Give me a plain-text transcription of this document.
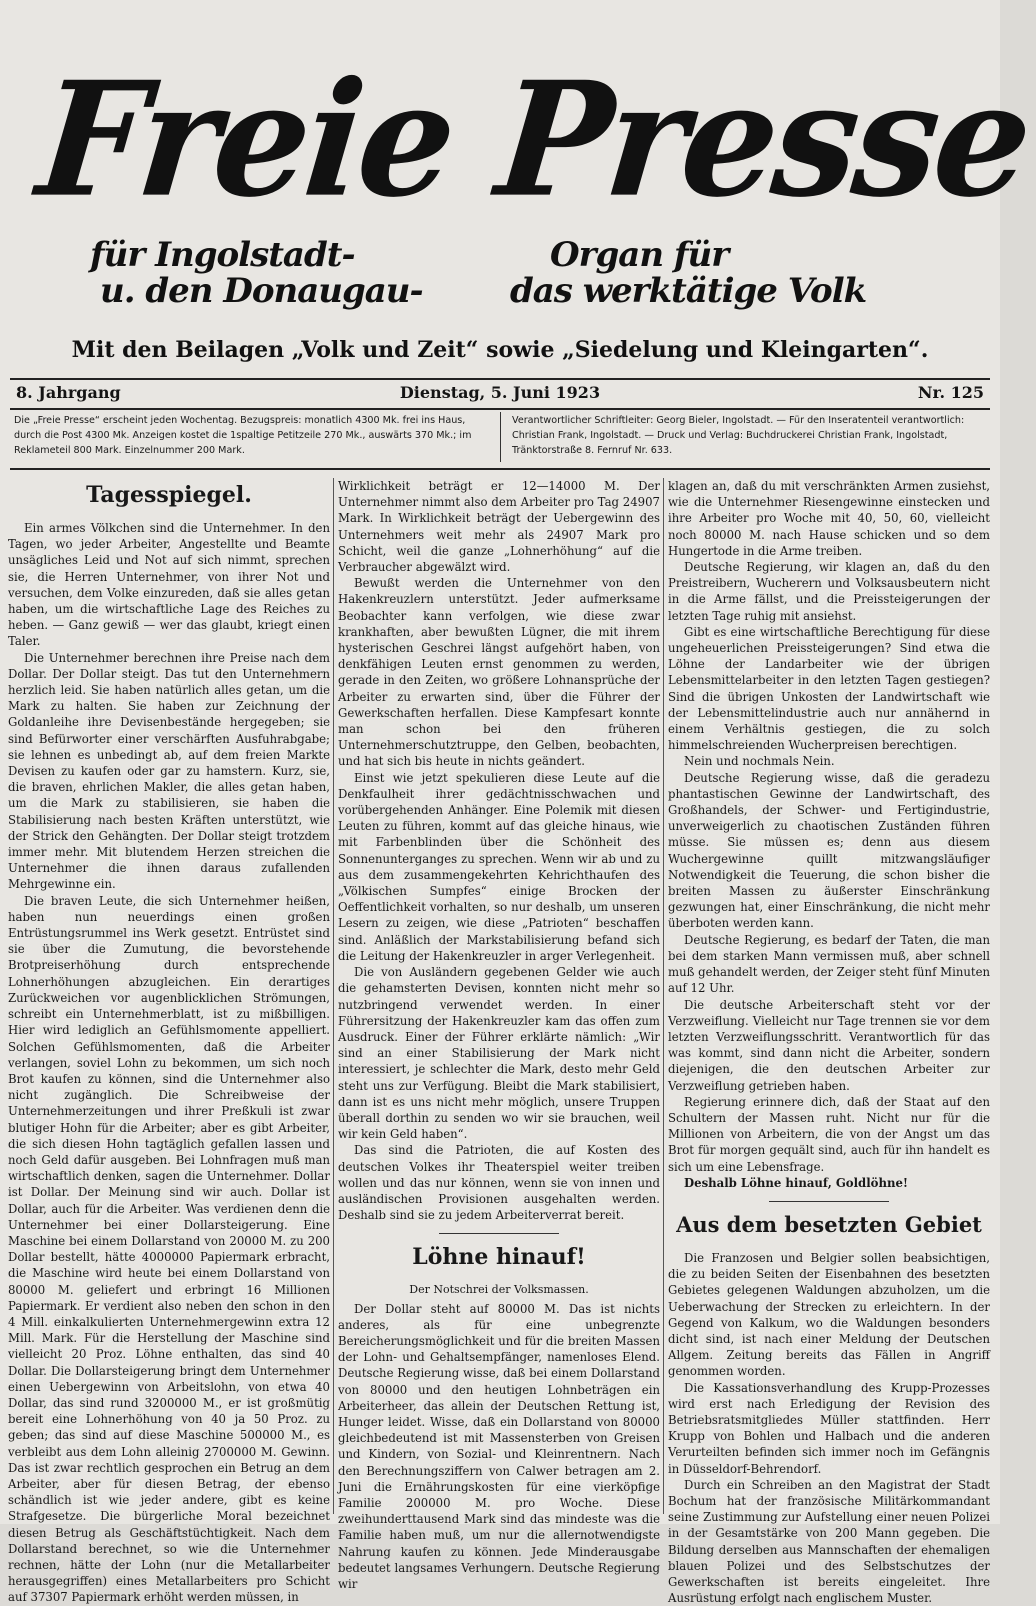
Freie Presse
für Ingolstadt-
u. den Donaugau-
Organ für
das werktätige Volk
Mit den Beilagen „Volk und Zeit“ sowie „Siedelung und Kleingarten“.
8. Jahrgang	Dienstag, 5. Juni 1923	Nr. 125
Die „Freie Presse“ erscheint jeden Wochentag. Bezugspreis: monatlich 4300 Mk. frei ins Haus, durch die Post 4300 Mk. Anzeigen kostet die 1spaltige Petitzeile 270 Mk., auswärts 370 Mk.; im Reklameteil 800 Mark. Einzelnummer 200 Mark.
Verantwortlicher Schriftleiter: Georg Bieler, Ingolstadt. — Für den Inseratenteil verantwortlich: Christian Frank, Ingolstadt. — Druck und Verlag: Buchdruckerei Christian Frank, Ingolstadt, Tränktorstraße 8. Fernruf Nr. 633.
Tagesspiegel.

Ein armes Völkchen sind die Unternehmer. In den Tagen, wo jeder Arbeiter, Angestellte und Beamte unsägliches Leid und Not auf sich nimmt, sprechen sie, die Herren Unternehmer, von ihrer Not und versuchen, dem Volke einzureden, daß sie alles getan haben, um die wirtschaftliche Lage des Reiches zu heben. — Ganz gewiß — wer das glaubt, kriegt einen Taler.

Die Unternehmer berechnen ihre Preise nach dem Dollar. Der Dollar steigt. Das tut den Unternehmern herzlich leid. Sie haben natürlich alles getan, um die Mark zu halten. Sie haben zur Zeichnung der Goldanleihe ihre Devisenbestände hergegeben; sie sind Befürworter einer verschärften Ausfuhrabgabe; sie lehnen es unbedingt ab, auf dem freien Markte Devisen zu kaufen oder gar zu hamstern. Kurz, sie, die braven, ehrlichen Makler, die alles getan haben, um die Mark zu stabilisieren, sie haben die Stabilisierung nach besten Kräften unterstützt, wie der Strick den Gehängten. Der Dollar steigt trotzdem immer mehr. Mit blutendem Herzen streichen die Unternehmer die ihnen daraus zufallenden Mehrgewinne ein.

Die braven Leute, die sich Unternehmer heißen, haben nun neuerdings einen großen Entrüstungsrummel ins Werk gesetzt. Entrüstet sind sie über die Zumutung, die bevorstehende Brotpreiserhöhung durch entsprechende Lohnerhöhungen abzugleichen. Ein derartiges Zurückweichen vor augenblicklichen Strömungen, schreibt ein Unternehmerblatt, ist zu mißbilligen. Hier wird lediglich an Gefühlsmomente appelliert. Solchen Gefühlsmomenten, daß die Arbeiter verlangen, soviel Lohn zu bekommen, um sich noch Brot kaufen zu können, sind die Unternehmer also nicht zugänglich. Die Schreibweise der Unternehmerzeitungen und ihrer Preßkuli ist zwar blutiger Hohn für die Arbeiter; aber es gibt Arbeiter, die sich diesen Hohn tagtäglich gefallen lassen und noch Geld dafür ausgeben. Bei Lohnfragen muß man wirtschaftlich denken, sagen die Unternehmer. Dollar ist Dollar. Der Meinung sind wir auch. Dollar ist Dollar, auch für die Arbeiter. Was verdienen denn die Unternehmer bei einer Dollarsteigerung. Eine Maschine bei einem Dollarstand von 20000 M. zu 200 Dollar bestellt, hätte 4000000 Papiermark erbracht, die Maschine wird heute bei einem Dollarstand von 80000 M. geliefert und erbringt 16 Millionen Papiermark. Er verdient also neben den schon in den 4 Mill. einkalkulierten Unternehmergewinn extra 12 Mill. Mark. Für die Herstellung der Maschine sind vielleicht 20 Proz. Löhne enthalten, das sind 40 Dollar. Die Dollarsteigerung bringt dem Unternehmer einen Uebergewinn von Arbeitslohn, von etwa 40 Dollar, das sind rund 3200000 M., er ist großmütig bereit eine Lohnerhöhung von 40 ja 50 Proz. zu geben; das sind auf diese Maschine 500000 M., es verbleibt aus dem Lohn alleinig 2700000 M. Gewinn. Das ist zwar rechtlich gesprochen ein Betrug an dem Arbeiter, aber für diesen Betrag, der ebenso schändlich ist wie jeder andere, gibt es keine Strafgesetze. Die bürgerliche Moral bezeichnet diesen Betrug als Geschäftstüchtigkeit. Nach dem Dollarstand berechnet, so wie die Unternehmer rechnen, hätte der Lohn (nur die Metallarbeiter herausgegriffen) eines Metallarbeiters pro Schicht auf 37307 Papiermark erhöht werden müssen, in

Wirklichkeit beträgt er 12—14000 M. Der Unternehmer nimmt also dem Arbeiter pro Tag 24907 Mark. In Wirklichkeit beträgt der Uebergewinn des Unternehmers weit mehr als 24907 Mark pro Schicht, weil die ganze „Lohnerhöhung“ auf die Verbraucher abgewälzt wird.

Bewußt werden die Unternehmer von den Hakenkreuzlern unterstützt. Jeder aufmerksame Beobachter kann verfolgen, wie diese zwar krankhaften, aber bewußten Lügner, die mit ihrem hysterischen Geschrei längst aufgehört haben, von denkfähigen Leuten ernst genommen zu werden, gerade in den Zeiten, wo größere Lohnansprüche der Arbeiter zu erwarten sind, über die Führer der Gewerkschaften herfallen. Diese Kampfesart konnte man schon bei den früheren Unternehmerschutztruppe, den Gelben, beobachten, und hat sich bis heute in nichts geändert.

Einst wie jetzt spekulieren diese Leute auf die Denkfaulheit ihrer gedächtnisschwachen und vorübergehenden Anhänger. Eine Polemik mit diesen Leuten zu führen, kommt auf das gleiche hinaus, wie mit Farbenblinden über die Schönheit des Sonnenunterganges zu sprechen. Wenn wir ab und zu aus dem zusammengekehrten Kehrichthaufen des „Völkischen Sumpfes“ einige Brocken der Oeffentlichkeit vorhalten, so nur deshalb, um unseren Lesern zu zeigen, wie diese „Patrioten“ beschaffen sind. Anläßlich der Markstabilisierung befand sich die Leitung der Hakenkreuzler in arger Verlegenheit.

Die von Ausländern gegebenen Gelder wie auch die gehamsterten Devisen, konnten nicht mehr so nutzbringend verwendet werden. In einer Führersitzung der Hakenkreuzler kam das offen zum Ausdruck. Einer der Führer erklärte nämlich: „Wir sind an einer Stabilisierung der Mark nicht interessiert, je schlechter die Mark, desto mehr Geld steht uns zur Verfügung. Bleibt die Mark stabilisiert, dann ist es uns nicht mehr möglich, unsere Truppen überall dorthin zu senden wo wir sie brauchen, weil wir kein Geld haben“.

Das sind die Patrioten, die auf Kosten des deutschen Volkes ihr Theaterspiel weiter treiben wollen und das nur können, wenn sie von innen und ausländischen Provisionen ausgehalten werden. Deshalb sind sie zu jedem Arbeiterverrat bereit.

Löhne hinauf!
Der Notschrei der Volksmassen.

Der Dollar steht auf 80000 M. Das ist nichts anderes, als für eine unbegrenzte Bereicherungsmöglichkeit und für die breiten Massen der Lohn- und Gehaltsempfänger, namenloses Elend. Deutsche Regierung wisse, daß bei einem Dollarstand von 80000 und den heutigen Lohnbeträgen ein Arbeiterheer, das allein der Deutschen Rettung ist, Hunger leidet. Wisse, daß ein Dollarstand von 80000 gleichbedeutend ist mit Massensterben von Greisen und Kindern, von Sozial- und Kleinrentnern. Nach den Berechnungsziffern von Calwer betragen am 2. Juni die Ernährungskosten für eine vierköpfige Familie 200000 M. pro Woche. Diese zweihunderttausend Mark sind das mindeste was die Familie haben muß, um nur die allernotwendigste Nahrung kaufen zu können. Jede Minderausgabe bedeutet langsames Verhungern. Deutsche Regierung wir

klagen an, daß du mit verschränkten Armen zusiehst, wie die Unternehmer Riesengewinne einstecken und ihre Arbeiter pro Woche mit 40, 50, 60, vielleicht noch 80000 M. nach Hause schicken und so dem Hungertode in die Arme treiben.

Deutsche Regierung, wir klagen an, daß du den Preistreibern, Wucherern und Volksausbeutern nicht in die Arme fällst, und die Preissteigerungen der letzten Tage ruhig mit ansiehst.

Gibt es eine wirtschaftliche Berechtigung für diese ungeheuerlichen Preissteigerungen? Sind etwa die Löhne der Landarbeiter wie der übrigen Lebensmittelarbeiter in den letzten Tagen gestiegen? Sind die übrigen Unkosten der Landwirtschaft wie der Lebensmittelindustrie auch nur annähernd in einem Verhältnis gestiegen, die zu solch himmelschreienden Wucherpreisen berechtigen.

Nein und nochmals Nein.

Deutsche Regierung wisse, daß die geradezu phantastischen Gewinne der Landwirtschaft, des Großhandels, der Schwer- und Fertigindustrie, unverweigerlich zu chaotischen Zuständen führen müsse. Sie müssen es; denn aus diesem Wuchergewinne quillt mitzwangsläufiger Notwendigkeit die Teuerung, die schon bisher die breiten Massen zu äußerster Einschränkung gezwungen hat, einer Einschränkung, die nicht mehr überboten werden kann.

Deutsche Regierung, es bedarf der Taten, die man bei dem starken Mann vermissen muß, aber schnell muß gehandelt werden, der Zeiger steht fünf Minuten auf 12 Uhr.

Die deutsche Arbeiterschaft steht vor der Verzweiflung. Vielleicht nur Tage trennen sie vor dem letzten Verzweiflungsschritt. Verantwortlich für das was kommt, sind dann nicht die Arbeiter, sondern diejenigen, die den deutschen Arbeiter zur Verzweiflung getrieben haben.

Regierung erinnere dich, daß der Staat auf den Schultern der Massen ruht. Nicht nur für die Millionen von Arbeitern, die von der Angst um das Brot für morgen gequält sind, auch für ihn handelt es sich um eine Lebensfrage.

Deshalb Löhne hinauf, Goldlöhne!

Aus dem besetzten Gebiet

Die Franzosen und Belgier sollen beabsichtigen, die zu beiden Seiten der Eisenbahnen des besetzten Gebietes gelegenen Waldungen abzuholzen, um die Ueberwachung der Strecken zu erleichtern. In der Gegend von Kalkum, wo die Waldungen besonders dicht sind, ist nach einer Meldung der Deutschen Allgem. Zeitung bereits das Fällen in Angriff genommen worden.

Die Kassationsverhandlung des Krupp-Prozesses wird erst nach Erledigung der Revision des Betriebsratsmitgliedes Müller stattfinden. Herr Krupp von Bohlen und Halbach und die anderen Verurteilten befinden sich immer noch im Gefängnis in Düsseldorf-Behrendorf.

Durch ein Schreiben an den Magistrat der Stadt Bochum hat der französische Militärkommandant seine Zustimmung zur Aufstellung einer neuen Polizei in der Gesamtstärke von 200 Mann gegeben. Die Bildung derselben aus Mannschaften der ehemaligen blauen Polizei und des Selbstschutzes der Gewerkschaften ist bereits eingeleitet. Ihre Ausrüstung erfolgt nach englischem Muster.
